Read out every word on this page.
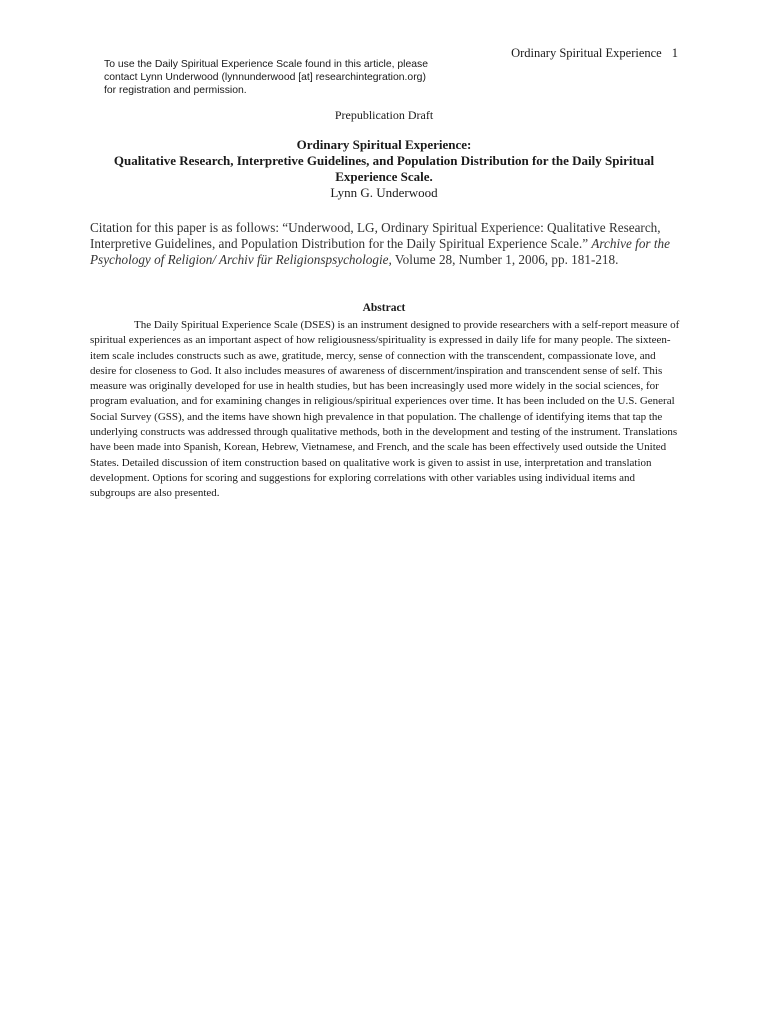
Ordinary Spiritual Experience 1
To use the Daily Spiritual Experience Scale found in this article, please contact Lynn Underwood (lynnunderwood [at] researchintegration.org) for registration and permission.
Prepublication Draft
Ordinary Spiritual Experience:
Qualitative Research, Interpretive Guidelines, and Population Distribution for the Daily Spiritual Experience Scale.
Lynn G. Underwood
Citation for this paper is as follows: “Underwood, LG, Ordinary Spiritual Experience: Qualitative Research, Interpretive Guidelines, and Population Distribution for the Daily Spiritual Experience Scale.” Archive for the Psychology of Religion/ Archiv für Religionspsychologie, Volume 28, Number 1, 2006, pp. 181-218.
Abstract
The Daily Spiritual Experience Scale (DSES) is an instrument designed to provide researchers with a self-report measure of spiritual experiences as an important aspect of how religiousness/spirituality is expressed in daily life for many people. The sixteen-item scale includes constructs such as awe, gratitude, mercy, sense of connection with the transcendent, compassionate love, and desire for closeness to God. It also includes measures of awareness of discernment/inspiration and transcendent sense of self. This measure was originally developed for use in health studies, but has been increasingly used more widely in the social sciences, for program evaluation, and for examining changes in religious/spiritual experiences over time. It has been included on the U.S. General Social Survey (GSS), and the items have shown high prevalence in that population. The challenge of identifying items that tap the underlying constructs was addressed through qualitative methods, both in the development and testing of the instrument. Translations have been made into Spanish, Korean, Hebrew, Vietnamese, and French, and the scale has been effectively used outside the United States. Detailed discussion of item construction based on qualitative work is given to assist in use, interpretation and translation development. Options for scoring and suggestions for exploring correlations with other variables using individual items and subgroups are also presented.
